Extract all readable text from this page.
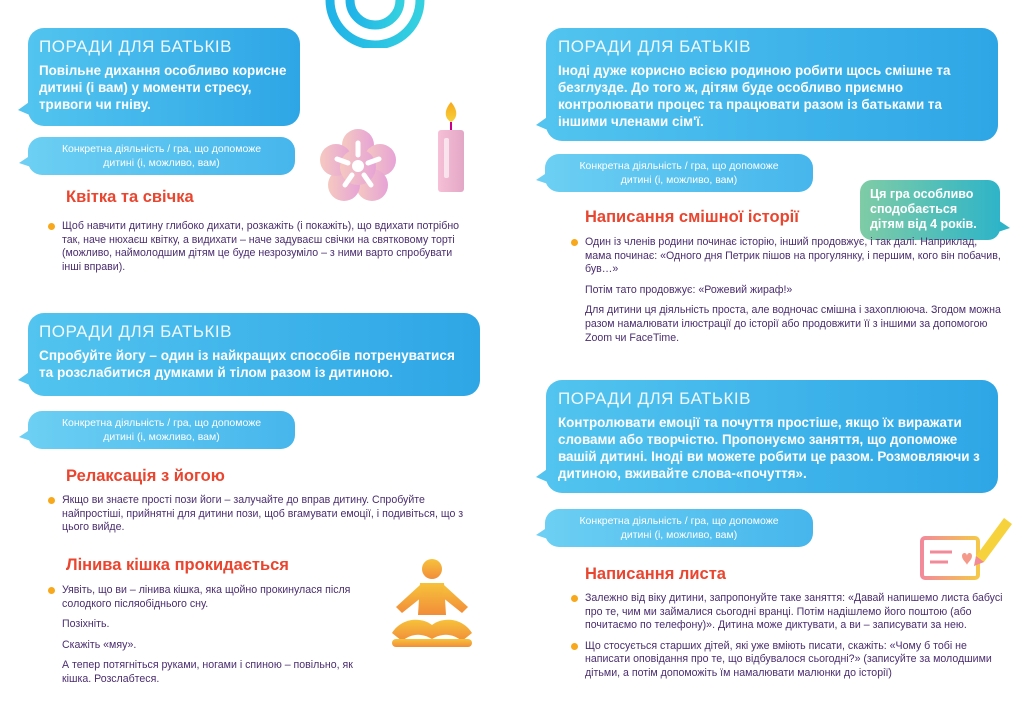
ПОРАДИ ДЛЯ БАТЬКІВ
Повільне дихання особливо корисне дитині (і вам) у моменти стресу, тривоги чи гніву.
Конкретна діяльність / гра, що допоможе
дитині (і, можливо, вам)
Квітка та свічка
Щоб навчити дитину глибоко дихати, розкажіть (і покажіть), що вдихати потрібно так, наче нюхаєш квітку, а видихати – наче задуваєш свічки на святковому торті (можливо, наймолодшим дітям це буде незрозуміло – з ними варто спробувати інші вправи).
ПОРАДИ ДЛЯ БАТЬКІВ
Спробуйте йогу – один із найкращих способів потренуватися та розслабитися думками й тілом разом із дитиною.
Конкретна діяльність / гра, що допоможе
дитині (і, можливо, вам)
Релаксація з йогою
Якщо ви знаєте прості пози йоги – залучайте до вправ дитину. Спробуйте найпростіші, прийнятні для дитини пози, щоб вгамувати емоції, і подивіться, що з цього вийде.
Лінива кішка прокидається

Уявіть, що ви – лінива кішка, яка щойно прокинулася після солодкого післяобіднього сну.

Позіхніть.

Скажіть «мяу».

А тепер потягніться руками, ногами і спиною – повільно, як кішка. Розслабтеся.

ПОРАДИ ДЛЯ БАТЬКІВ
Іноді дуже корисно всією родиною робити щось смішне та безглузде. До того ж, дітям буде особливо приємно контролювати процес та працювати разом із батьками та іншими членами сім'ї.
Конкретна діяльність / гра, що допоможе
дитині (і, можливо, вам)
Ця гра особливо сподобається дітям від 4 років.
Написання смішної історії

Один із членів родини починає історію, інший продовжує, і так далі. Наприклад, мама починає: «Одного дня Петрик пішов на прогулянку, і першим, кого він побачив, був…»

Потім тато продовжує: «Рожевий жираф!»

Для дитини ця діяльність проста, але водночас смішна і захоплююча. Згодом можна разом намалювати ілюстрації до історії або продовжити її з іншими за допомогою Zoom чи FaceTime.

ПОРАДИ ДЛЯ БАТЬКІВ
Контролювати емоції та почуття простіше, якщо їх виражати словами або творчістю. Пропонуємо заняття, що допоможе вашій дитині. Іноді ви можете робити це разом. Розмовляючи з дитиною, вживайте слова-«почуття».
Конкретна діяльність / гра, що допоможе
дитині (і, можливо, вам)
Написання листа

Залежно від віку дитини, запропонуйте таке заняття: «Давай напишемо листа бабусі про те, чим ми займалися сьогодні вранці. Потім надішлемо його поштою (або почитаємо по телефону)». Дитина може диктувати, а ви – записувати за нею.

Що стосується старших дітей, які уже вміють писати, скажіть: «Чому б тобі не написати оповідання про те, що відбувалося сьогодні?» (записуйте за молодшими дітьми, а потім допоможіть їм намалювати малюнки до історії)
